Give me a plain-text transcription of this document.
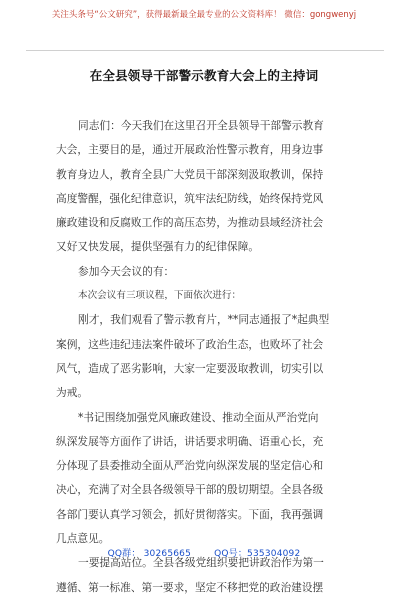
关注头条号“公文研究”，获得最新最全最专业的公文资料库！ 微信：gongwenyj
在全县领导干部警示教育大会上的主持词
同志们：今天我们在这里召开全县领导干部警示教育
大会，主要目的是，通过开展政治性警示教育，用身边事
教育身边人，教育全县广大党员干部深刻汲取教训，保持
高度警醒，强化纪律意识，筑牢法纪防线，始终保持党风
廉政建设和反腐败工作的高压态势，为推动县域经济社会
又好又快发展，提供坚强有力的纪律保障。
参加今天会议的有：
本次会议有三项议程，下面依次进行：
刚才，我们观看了警示教育片，**同志通报了*起典型
案例，这些违纪违法案件破坏了政治生态，也败坏了社会
风气，造成了恶劣影响，大家一定要汲取教训，切实引以
为戒。
*书记围绕加强党风廉政建设、推动全面从严治党向
纵深发展等方面作了讲话，讲话要求明确、语重心长，充
分体现了县委推动全面从严治党向纵深发展的坚定信心和
决心，充满了对全县各级领导干部的殷切期望。全县各级
各部门要认真学习领会，抓好贯彻落实。下面，我再强调
几点意见。
一要提高站位。全县各级党组织要把讲政治作为第一
遵循、第一标准、第一要求，坚定不移把党的政治建设摆
QQ群： 30265665	QQ号：535304092
